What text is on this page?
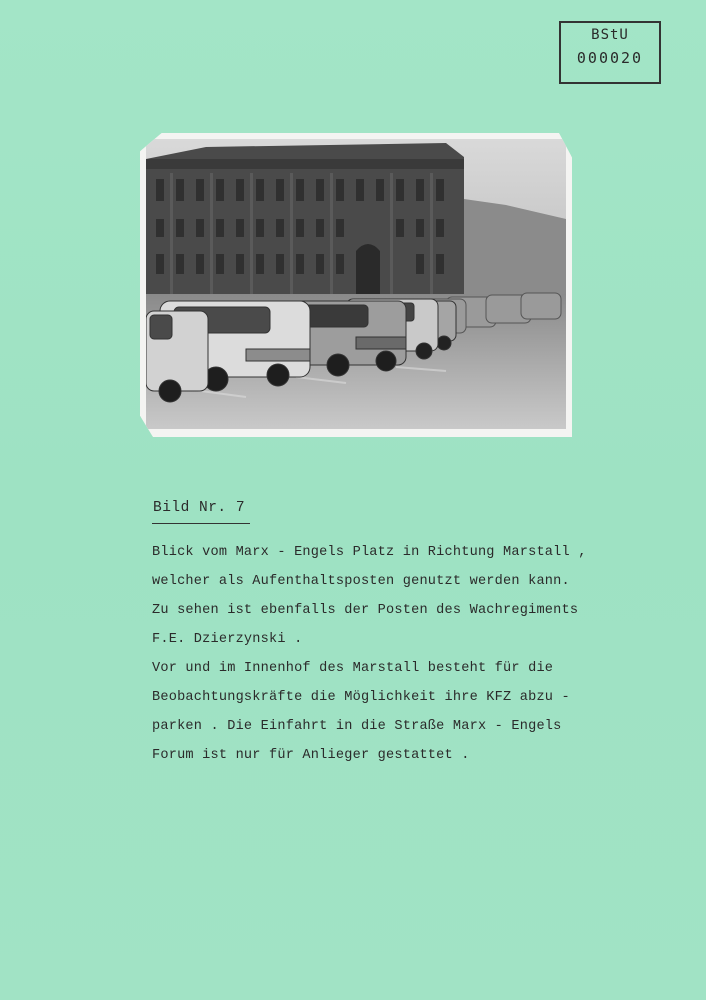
BStU
000020
Bild Nr. 7
Blick vom Marx - Engels Platz in Richtung Marstall ,
welcher als Aufenthaltsposten genutzt werden kann.
Zu sehen ist ebenfalls der Posten des Wachregiments
F.E. Dzierzynski .
Vor und im Innenhof des Marstall besteht für die
Beobachtungskräfte die Möglichkeit ihre KFZ abzu -
parken . Die Einfahrt in die Straße Marx - Engels
Forum ist nur für Anlieger gestattet .
